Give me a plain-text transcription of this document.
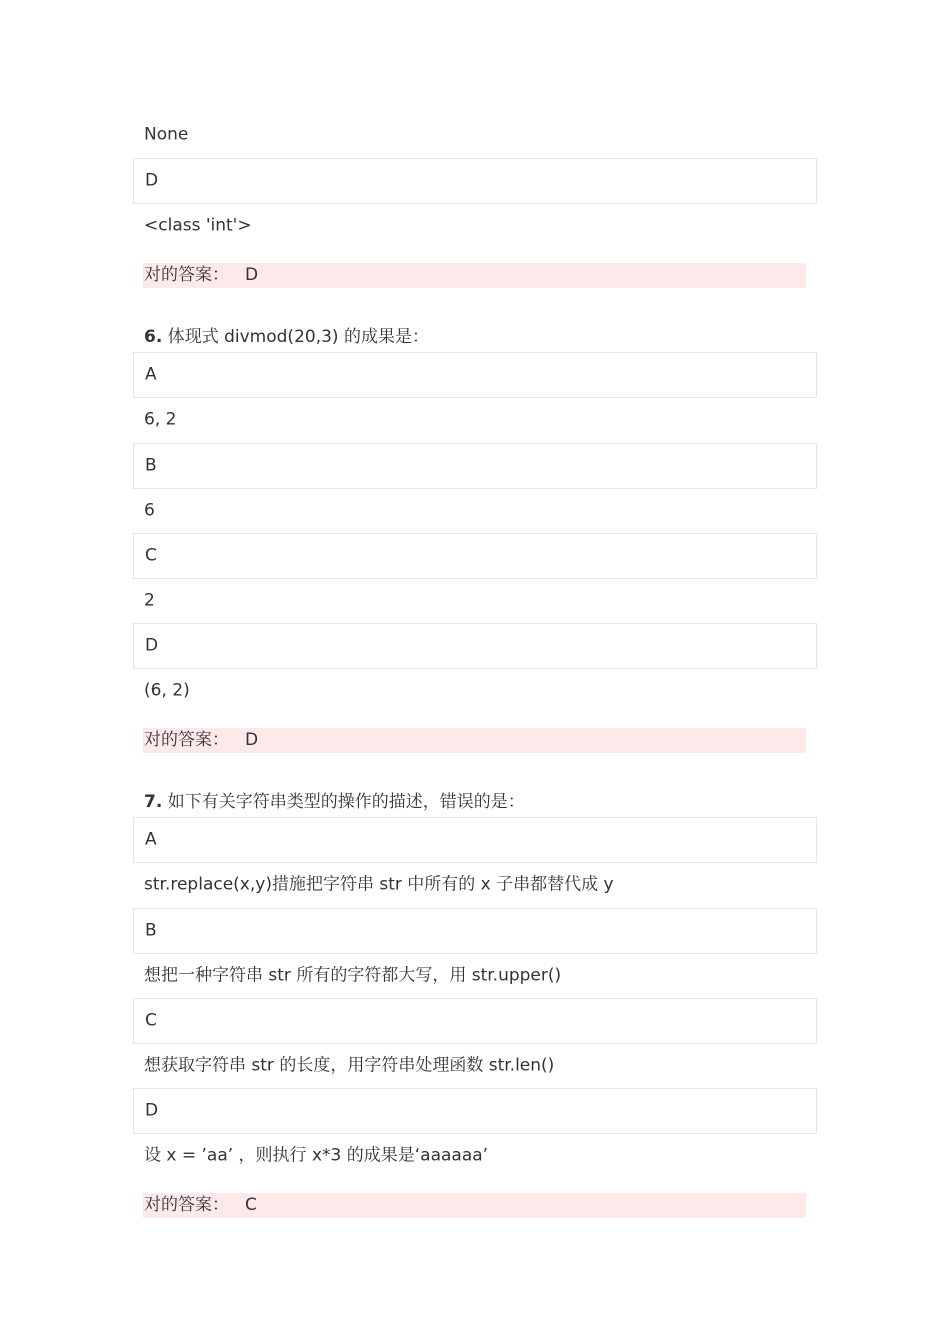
None
D
<class 'int'>
对的答案： D
6. 体现式 divmod(20,3) 的成果是：
A
6, 2
B
6
C
2
D
(6, 2)
对的答案： D
7. 如下有关字符串类型的操作的描述，错误的是：
A
str.replace(x,y)措施把字符串 str 中所有的 x 子串都替代成 y
B
想把一种字符串 str 所有的字符都大写，用 str.upper()
C
想获取字符串 str 的长度，用字符串处理函数 str.len()
D
设 x = ’aa’ ，则执行 x*3 的成果是‘aaaaaa’
对的答案： C
